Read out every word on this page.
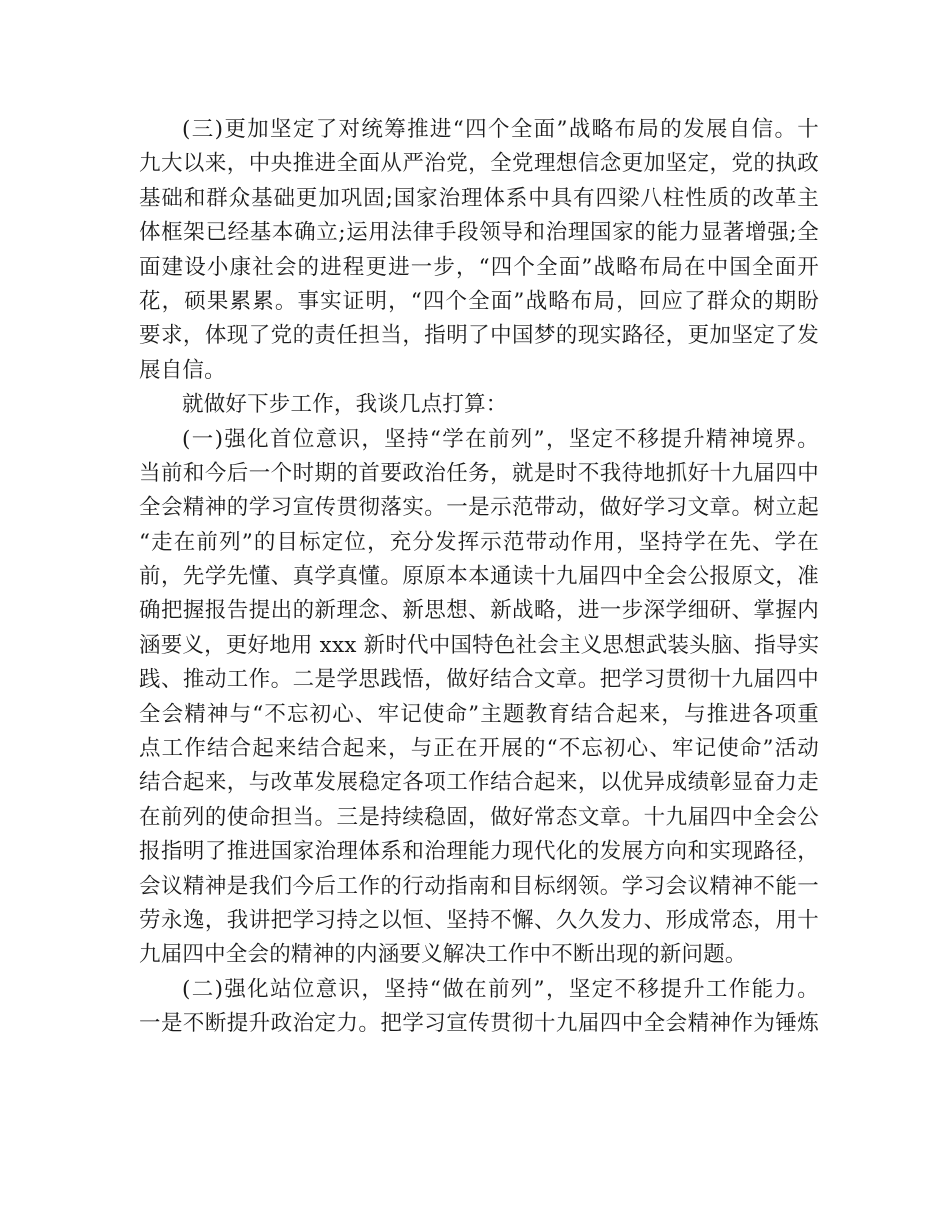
(三)更加坚定了对统筹推进“四个全面”战略布局的发展自信。十
九大以来，中央推进全面从严治党，全党理想信念更加坚定，党的执政
基础和群众基础更加巩固;国家治理体系中具有四梁八柱性质的改革主
体框架已经基本确立;运用法律手段领导和治理国家的能力显著增强;全
面建设小康社会的进程更进一步，“四个全面”战略布局在中国全面开
花，硕果累累。事实证明，“四个全面”战略布局，回应了群众的期盼
要求，体现了党的责任担当，指明了中国梦的现实路径，更加坚定了发
展自信。
就做好下步工作，我谈几点打算：
(一)强化首位意识，坚持“学在前列”，坚定不移提升精神境界。
当前和今后一个时期的首要政治任务，就是时不我待地抓好十九届四中
全会精神的学习宣传贯彻落实。一是示范带动，做好学习文章。树立起
“走在前列”的目标定位，充分发挥示范带动作用，坚持学在先、学在
前，先学先懂、真学真懂。原原本本通读十九届四中全会公报原文，准
确把握报告提出的新理念、新思想、新战略，进一步深学细研、掌握内
涵要义，更好地用 xxx 新时代中国特色社会主义思想武装头脑、指导实
践、推动工作。二是学思践悟，做好结合文章。把学习贯彻十九届四中
全会精神与“不忘初心、牢记使命”主题教育结合起来，与推进各项重
点工作结合起来结合起来，与正在开展的“不忘初心、牢记使命”活动
结合起来，与改革发展稳定各项工作结合起来，以优异成绩彰显奋力走
在前列的使命担当。三是持续稳固，做好常态文章。十九届四中全会公
报指明了推进国家治理体系和治理能力现代化的发展方向和实现路径，
会议精神是我们今后工作的行动指南和目标纲领。学习会议精神不能一
劳永逸，我讲把学习持之以恒、坚持不懈、久久发力、形成常态，用十
九届四中全会的精神的内涵要义解决工作中不断出现的新问题。
(二)强化站位意识，坚持“做在前列”，坚定不移提升工作能力。
一是不断提升政治定力。把学习宣传贯彻十九届四中全会精神作为锤炼
